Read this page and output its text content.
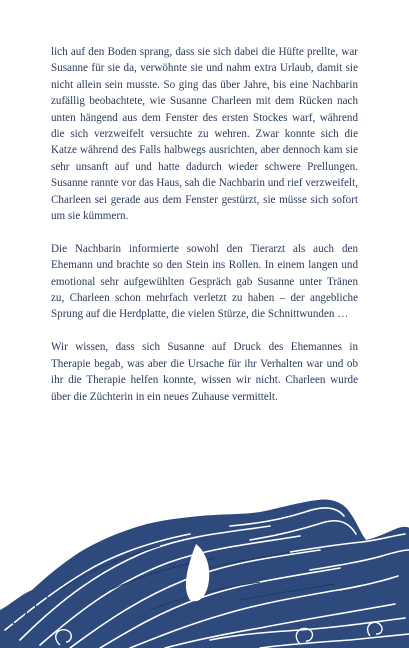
lich auf den Boden sprang, dass sie sich dabei die Hüfte prellte, war Susanne für sie da, verwöhnte sie und nahm extra Urlaub, damit sie nicht allein sein musste. So ging das über Jahre, bis eine Nachbarin zufällig beobachtete, wie Susanne Charleen mit dem Rücken nach unten hängend aus dem Fenster des ersten Stockes warf, während die sich verzweifelt versuchte zu wehren. Zwar konnte sich die Katze während des Falls halbwegs ausrichten, aber dennoch kam sie sehr unsanft auf und hatte dadurch wieder schwere Prellungen. Susanne rannte vor das Haus, sah die Nachbarin und rief verzweifelt, Charleen sei gerade aus dem Fenster gestürzt, sie müsse sich sofort um sie kümmern.

Die Nachbarin informierte sowohl den Tierarzt als auch den Ehemann und brachte so den Stein ins Rollen. In einem langen und emotional sehr aufgewühlten Gespräch gab Susanne unter Tränen zu, Charleen schon mehrfach verletzt zu haben – der angebliche Sprung auf die Herdplatte, die vielen Stürze, die Schnittwunden …

Wir wissen, dass sich Susanne auf Druck des Ehemannes in Therapie begab, was aber die Ursache für ihr Verhalten war und ob ihr die Therapie helfen konnte, wissen wir nicht. Charleen wurde über die Züchterin in ein neues Zuhause vermittelt.
